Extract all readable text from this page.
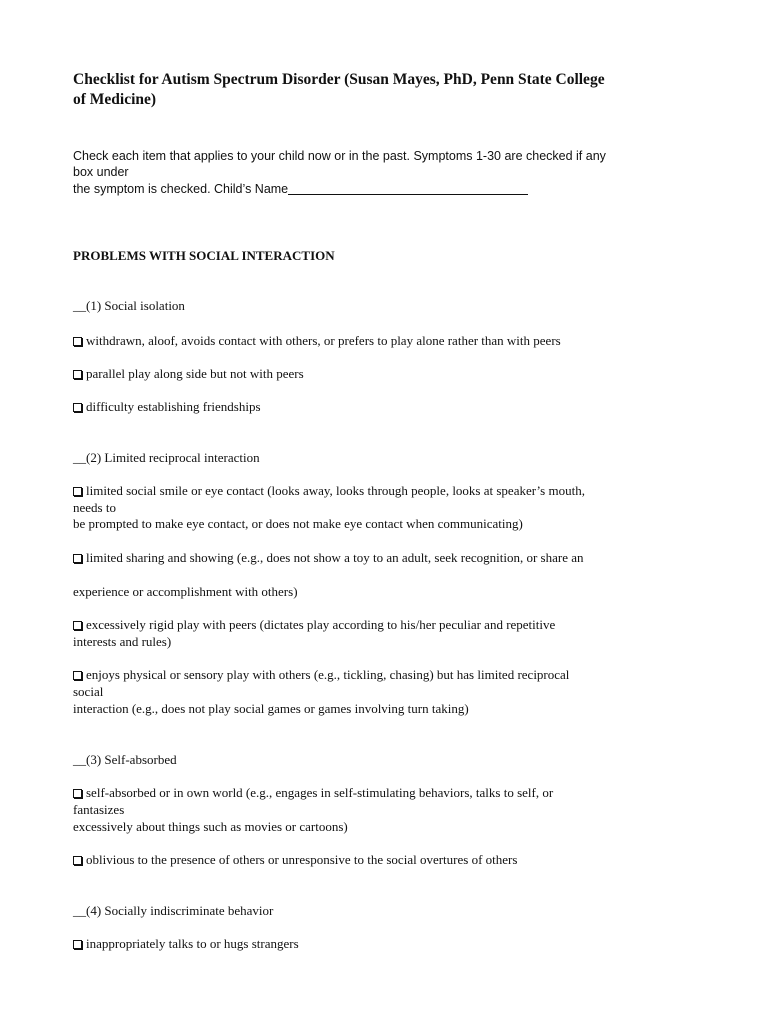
Checklist for Autism Spectrum Disorder (Susan Mayes, PhD, Penn State College
of Medicine)
Check each item that applies to your child now or in the past. Symptoms 1-30 are checked if any
box under
the symptom is checked. Child’s Name
PROBLEMS WITH SOCIAL INTERACTION
__(1) Social isolation
withdrawn, aloof, avoids contact with others, or prefers to play alone rather than with peers
parallel play along side but not with peers
difficulty establishing friendships
__(2) Limited reciprocal interaction
limited social smile or eye contact (looks away, looks through people, looks at speaker’s mouth,
needs to
be prompted to make eye contact, or does not make eye contact when communicating)
limited sharing and showing (e.g., does not show a toy to an adult, seek recognition, or share an
experience or accomplishment with others)
excessively rigid play with peers (dictates play according to his/her peculiar and repetitive
interests and rules)
enjoys physical or sensory play with others (e.g., tickling, chasing) but has limited reciprocal
social
interaction (e.g., does not play social games or games involving turn taking)
__(3) Self-absorbed
self-absorbed or in own world (e.g., engages in self-stimulating behaviors, talks to self, or
fantasizes
excessively about things such as movies or cartoons)
oblivious to the presence of others or unresponsive to the social overtures of others
__(4) Socially indiscriminate behavior
inappropriately talks to or hugs strangers
